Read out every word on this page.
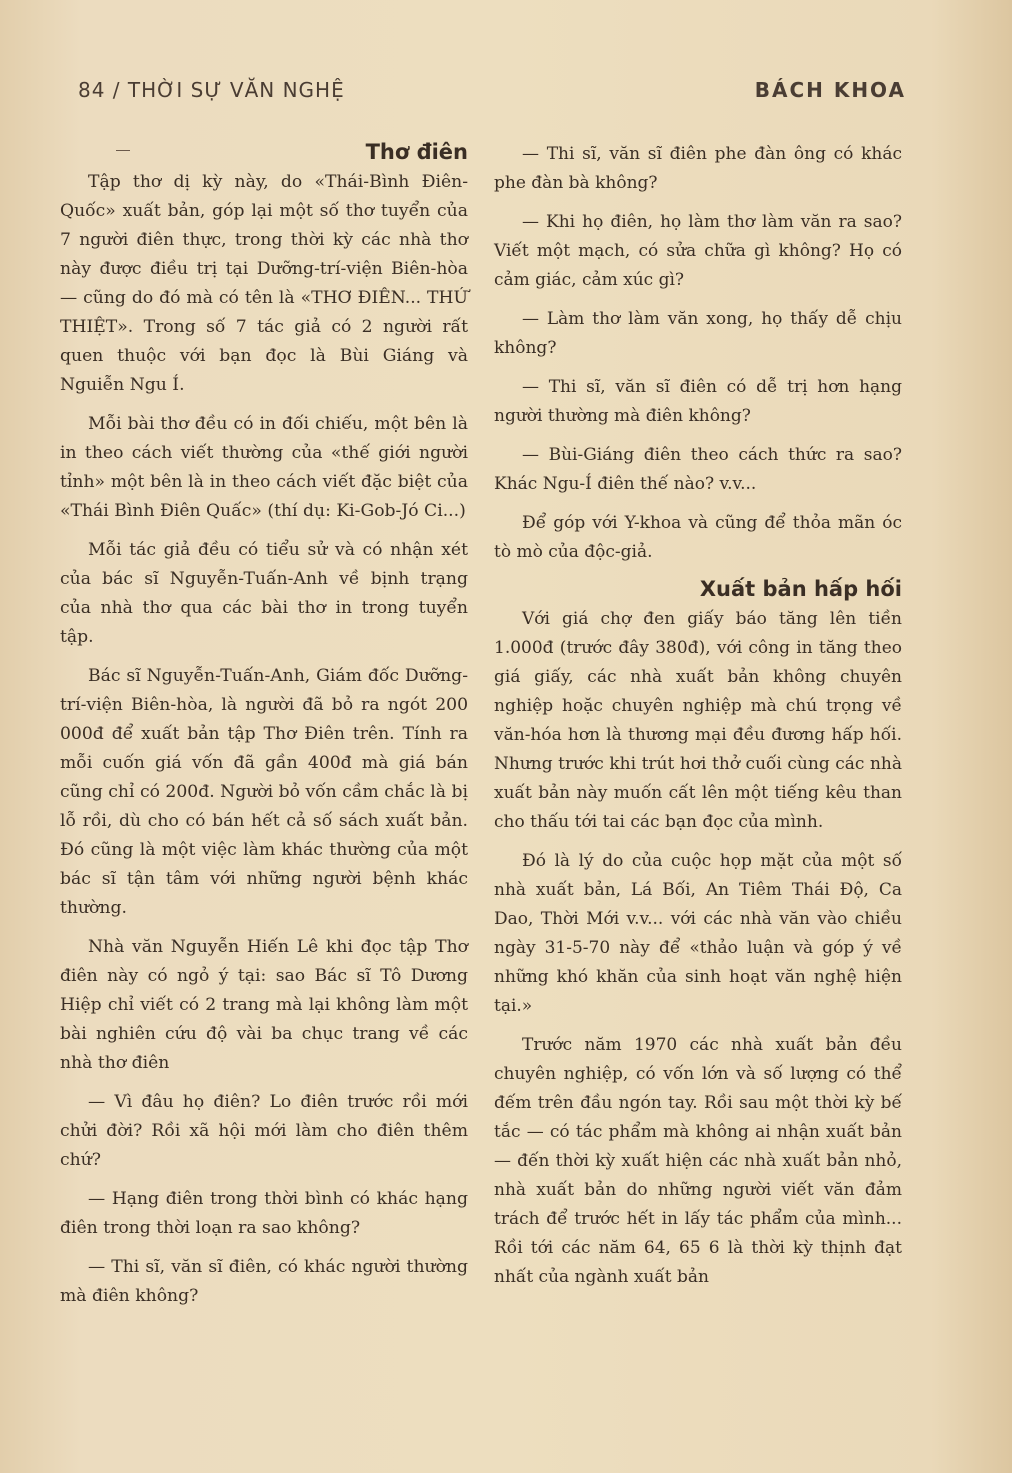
84 / THỜI SỰ VĂN NGHỆ	BÁCH KHOA
Thơ điên

Tập thơ dị kỳ này, do «Thái-Bình Điên-Quốc» xuất bản, góp lại một số thơ tuyển của 7 người điên thực, trong thời kỳ các nhà thơ này được điều trị tại Dưỡng-trí-viện Biên-hòa — cũng do đó mà có tên là «THƠ ĐIÊN... THỨ THIỆT». Trong số 7 tác giả có 2 người rất quen thuộc với bạn đọc là Bùi Giáng và Nguiễn Ngu Í.

Mỗi bài thơ đều có in đối chiếu, một bên là in theo cách viết thường của «thế giới người tỉnh» một bên là in theo cách viết đặc biệt của «Thái Bình Điên Quấc» (thí dụ: Ki-Gob-Jó Ci...)

Mỗi tác giả đều có tiểu sử và có nhận xét của bác sĩ Nguyễn-Tuấn-Anh về bịnh trạng của nhà thơ qua các bài thơ in trong tuyển tập.

Bác sĩ Nguyễn-Tuấn-Anh, Giám đốc Dưỡng-trí-viện Biên-hòa, là người đã bỏ ra ngót 200 000đ để xuất bản tập Thơ Điên trên. Tính ra mỗi cuốn giá vốn đã gần 400đ mà giá bán cũng chỉ có 200đ. Người bỏ vốn cầm chắc là bị lỗ rồi, dù cho có bán hết cả số sách xuất bản. Đó cũng là một việc làm khác thường của một bác sĩ tận tâm với những người bệnh khác thường.

Nhà văn Nguyễn Hiến Lê khi đọc tập Thơ điên này có ngỏ ý tại: sao Bác sĩ Tô Dương Hiệp chỉ viết có 2 trang mà lại không làm một bài nghiên cứu độ vài ba chục trang về các nhà thơ điên

— Vì đâu họ điên? Lo điên trước rồi mới chửi đời? Rồi xã hội mới làm cho điên thêm chứ?

— Hạng điên trong thời bình có khác hạng điên trong thời loạn ra sao không?

— Thi sĩ, văn sĩ điên, có khác người thường mà điên không?

— Thi sĩ, văn sĩ điên phe đàn ông có khác phe đàn bà không?

— Khi họ điên, họ làm thơ làm văn ra sao? Viết một mạch, có sửa chữa gì không? Họ có cảm giác, cảm xúc gì?

— Làm thơ làm văn xong, họ thấy dễ chịu không?

— Thi sĩ, văn sĩ điên có dễ trị hơn hạng người thường mà điên không?

— Bùi-Giáng điên theo cách thức ra sao? Khác Ngu-Í điên thế nào? v.v...

Để góp với Y-khoa và cũng để thỏa mãn óc tò mò của độc-giả.

Xuất bản hấp hối

Với giá chợ đen giấy báo tăng lên tiền 1.000đ (trước đây 380đ), với công in tăng theo giá giấy, các nhà xuất bản không chuyên nghiệp hoặc chuyên nghiệp mà chú trọng về văn-hóa hơn là thương mại đều đương hấp hối. Nhưng trước khi trút hơi thở cuối cùng các nhà xuất bản này muốn cất lên một tiếng kêu than cho thấu tới tai các bạn đọc của mình.

Đó là lý do của cuộc họp mặt của một số nhà xuất bản, Lá Bối, An Tiêm Thái Độ, Ca Dao, Thời Mới v.v... với các nhà văn vào chiều ngày 31-5-70 này để «thảo luận và góp ý về những khó khăn của sinh hoạt văn nghệ hiện tại.»

Trước năm 1970 các nhà xuất bản đều chuyên nghiệp, có vốn lớn và số lượng có thể đếm trên đầu ngón tay. Rồi sau một thời kỳ bế tắc — có tác phẩm mà không ai nhận xuất bản — đến thời kỳ xuất hiện các nhà xuất bản nhỏ, nhà xuất bản do những người viết văn đảm trách để trước hết in lấy tác phẩm của mình... Rồi tới các năm 64, 65 6 là thời kỳ thịnh đạt nhất của ngành xuất bản
